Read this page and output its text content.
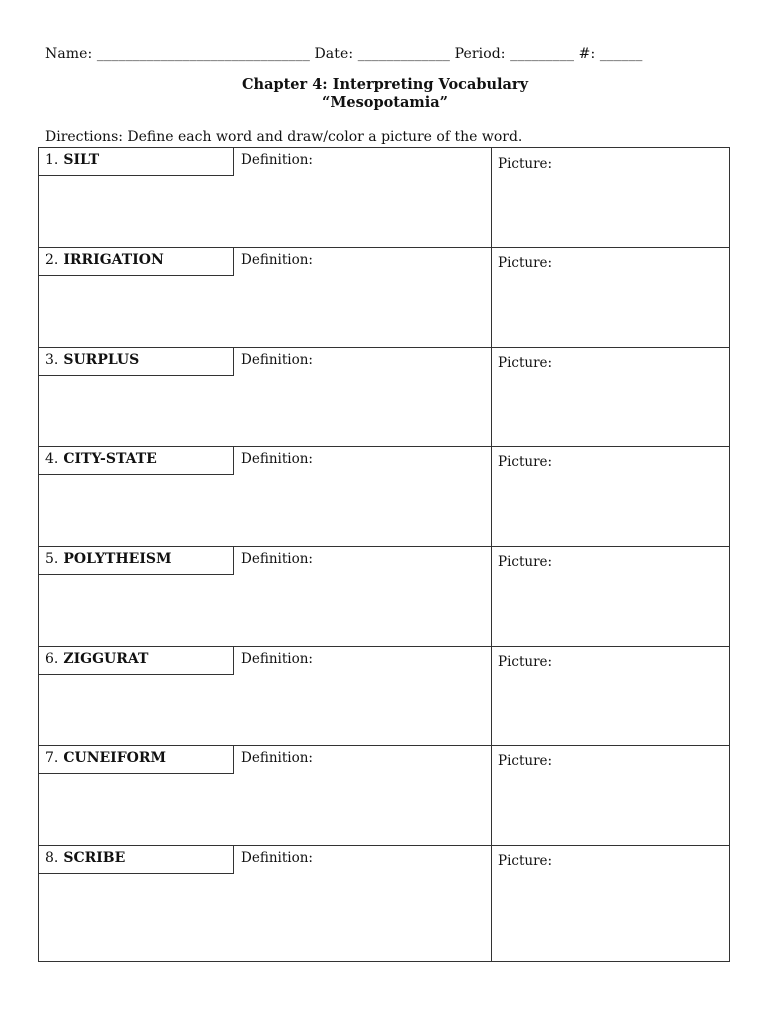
Name: ______________________________ Date: _____________ Period: _________ #: ______
Chapter 4: Interpreting Vocabulary
“Mesopotamia”
Directions: Define each word and draw/color a picture of the word.
1. SILT	Definition:	Picture:
2. IRRIGATION	Definition:	Picture:
3. SURPLUS	Definition:	Picture:
4. CITY-STATE	Definition:	Picture:
5. POLYTHEISM	Definition:	Picture:
6. ZIGGURAT	Definition:	Picture:
7. CUNEIFORM	Definition:	Picture:
8. SCRIBE	Definition:	Picture:
